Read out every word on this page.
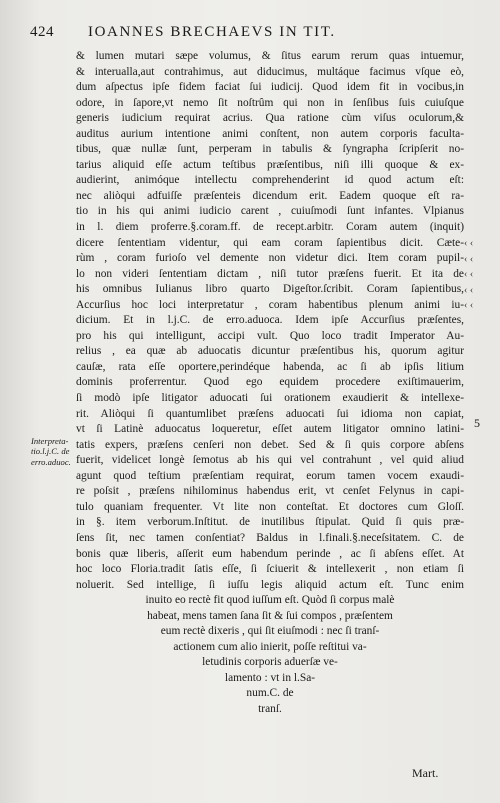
424 IOANNES BRECHAEVS IN TIT.
& lumen mutari sæpe volumus, & ſitus earum rerum quas intuemur,
& interualla,aut contrahimus, aut diducimus, multáque facimus vſque eò,
dum aſpectus ipſe fidem faciat ſui iudicij. Quod idem fit in vocibus,in
odore, in ſapore,vt nemo ſit noſtrûm qui non in ſenſibus ſuis cuiuſque
generis iudicium requirat acrius. Qua ratione cùm viſus oculorum,&
auditus aurium intentione animi conſtent, non autem corporis faculta-
tibus, quæ nullæ ſunt, perperam in tabulis & ſyngrapha ſcripſerit no-
tarius aliquid eſſe actum teſtibus præſentibus, niſi illi quoque & ex-
audierint, animóque intellectu comprehenderint id quod actum eſt:
nec aliòqui adfuiſſe præſenteis dicendum erit. Eadem quoque eſt ra-
tio in his qui animi iudicio carent , cuiuſmodi ſunt infantes. Vlpianus
in l. diem proferre.§.coram.ff. de recept.arbitr. Coram autem (inquit)
dicere ſententiam videntur, qui eam coram ſapientibus dicit. Cæte-
rùm , coram furioſo vel demente non videtur dici. Item coram pupil-
lo non videri ſententiam dictam , niſi tutor præſens fuerit. Et ita de
his omnibus Iulianus libro quarto Digeſtor.ſcribit. Coram ſapientibus,
Accurſius hoc loci interpretatur , coram habentibus plenum animi iu-
dicium. Et in l.j.C. de erro.aduoca. Idem ipſe Accurſius præſentes,
pro his qui intelligunt, accipi vult. Quo loco tradit Imperator Au-
relius , ea quæ ab aduocatis dicuntur præſentibus his, quorum agitur
cauſæ, rata eſſe oportere,perindéque habenda, ac ſi ab ipſis litium
dominis proferrentur. Quod ego equidem procedere exiſtimauerim,
ſi modò ipſe litigator aduocati ſui orationem exaudierit & intellexe-
rit. Aliòqui ſi quantumlibet præſens aduocati ſui idioma non capiat,
vt ſi Latinè aduocatus loqueretur, eſſet autem litigator omnino latini-
tatis expers, præſens cenſeri non debet. Sed & ſi quis corpore abſens
fuerit, videlicet longè ſemotus ab his qui vel contrahunt , vel quid aliud
agunt quod teſtium præſentiam requirat, eorum tamen vocem exaudi-
re poſsit , præſens nihilominus habendus erit, vt cenſet Felynus in capi-
tulo quaniam frequenter. Vt lite non conteſtat. Et doctores cum Gloſſ.
in §. item verborum.Inſtitut. de inutilibus ſtipulat. Quid ſi quis præ-
ſens ſit, nec tamen conſentiat? Baldus in l.finali.§.neceſsitatem. C. de
bonis quæ liberis, aſſerit eum habendum perinde , ac ſi abſens eſſet. At
hoc loco Floria.tradit ſatis eſſe, ſi ſciuerit & intellexerit , non etiam ſi
noluerit. Sed intellige, ſi iuſſu legis aliquid actum eſt. Tunc enim
inuito eo rectè fit quod iuſſum eſt. Quòd ſi corpus malè
habeat, mens tamen ſana ſit & ſui compos , præſentem
eum rectè dixeris , qui ſit eiuſmodi : nec ſi tranſ-
actionem cum alio inierit, poſſe reſtitui va-
letudinis corporis aduerſæ ve-
lamento : vt in l.Sa-
num.C. de
tranſ.
‹ ‹
‹ ‹
‹ ‹
‹ ‹
‹ ‹
Interpreta-
tio.l.j.C. de
erro.aduoc.
5
Mart.
